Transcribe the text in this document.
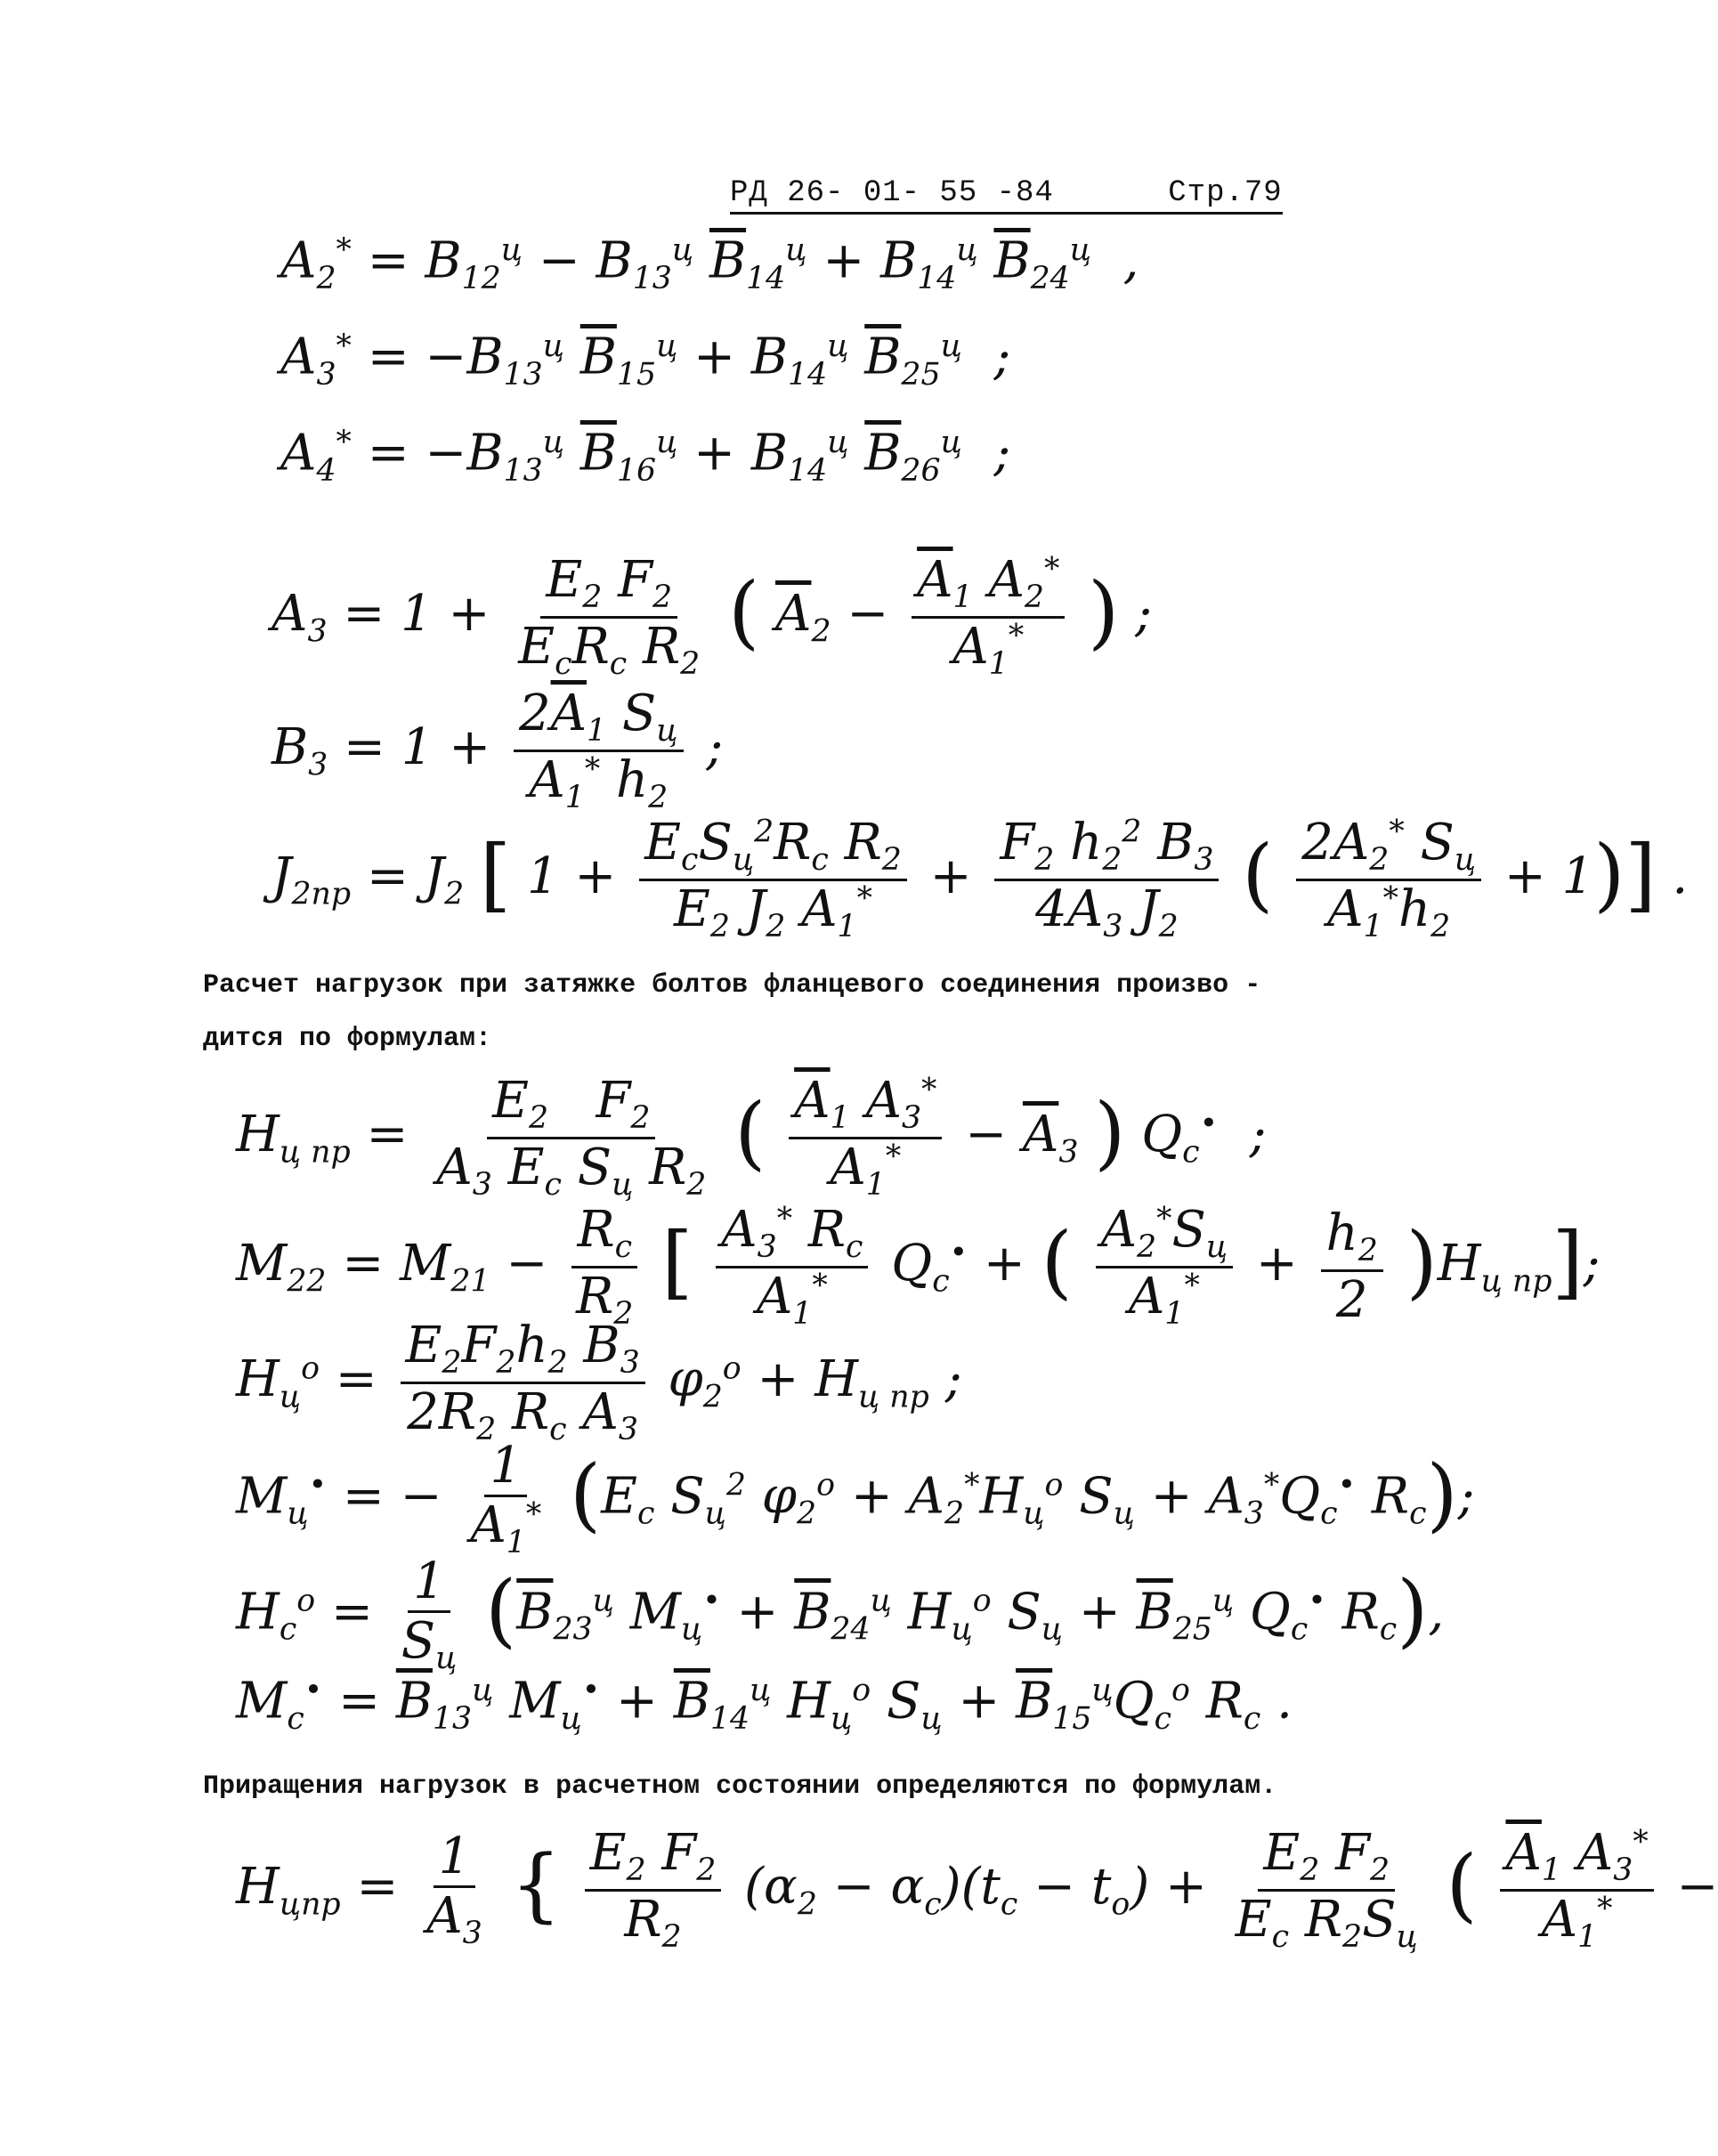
РД 26- 01- 55 -84	Стр.79
$A_2^* = B_{12}^ц - B_{13}^ц$ $\overline{B}_{14}^ц + B_{14}^ц$ $\overline{B}_{24}^ц$  ,
$A_3^* = -B_{13}^ц$ $\overline{B}_{15}^ц + B_{14}^ц$ $\overline{B}_{25}^ц$  ;
$A_4^* = -B_{13}^ц$ $\overline{B}_{16}^ц + B_{14}^ц$ $\overline{B}_{26}^ц$  ;
$A_3 = 1 + \frac{E_2 F_2}{E_cR_c R_2}$ ( $\overline{A}_2 - \frac{\overline{A}_1 A_2^*}{A_1^*}$ ) ;
$B_3 = 1 + \frac{2\overline{A}_1 S_ц}{A_1^* h_2}$ ;
$J_{2пр} = J_2$ [ $1 + \frac{E_cS_ц^2R_c R_2}{E_2 J_2 A_1^*} + \frac{F_2 h_2^2 B_3}{4A_3 J_2}$ ( $\frac{2A_2^* S_ц}{A_1^*h_2} + 1$)] .
Расчет нагрузок при затяжке болтов фланцевого соединения произво -
дится по формулам:
$H_{ц пр} = \frac{E_2 F_2}{A_3 E_c S_ц R_2}$ ( $\frac{\overline{A}_1 A_3^*}{A_1^*} - \overline{A}_3$ ) $Q_c^•$  ;
$M_{22} = M_{21} - \frac{R_c}{R_2}$ [ $\frac{A_3^* R_c}{A_1^*} Q_c^•$ + ( $\frac{A_2^*S_ц}{A_1^*} + \frac{h_2}{2} )H_{ц пр}$];
$H_ц^o = \frac{E_2F_2h_2 B_3}{2R_2 R_c A_3} \varphi_2^o + H_{ц пр}$ ;
$M_ц^•$ = − $\frac{1}{A_1^*} (E_c$ $S_ц^2$ $\varphi_2^o + A_2^*H_ц^o$ $S_ц + A_3^*Q_c^•$ $R_c$);
$H_c^o = \frac{1}{S_ц} (\overline{B}_{23}^ц$ $M_ц^• + \overline{B}_{24}^ц$ $H_ц^o$ $S_ц + \overline{B}_{25}^ц$ $Q_c^•$ $R_c$),
$M_c^• = \overline{B}_{13}^ц$ $M_ц^• + \overline{B}_{14}^ц$ $H_ц^o$ $S_ц + \overline{B}_{15}^цQ_c^o$ $R_c$ .
Приращения нагрузок в расчетном состоянии определяются по формулам.
$H_{цпр} = \frac{1}{A_3}$ { $\frac{E_2 F_2}{R_2} (\alpha_2 - \alpha_c)(t_c - t_o) + \frac{E_2 F_2}{E_c R_2S_ц}$ ( $\frac{\overline{A}_1 A_3^*}{A_1^*}$ −
